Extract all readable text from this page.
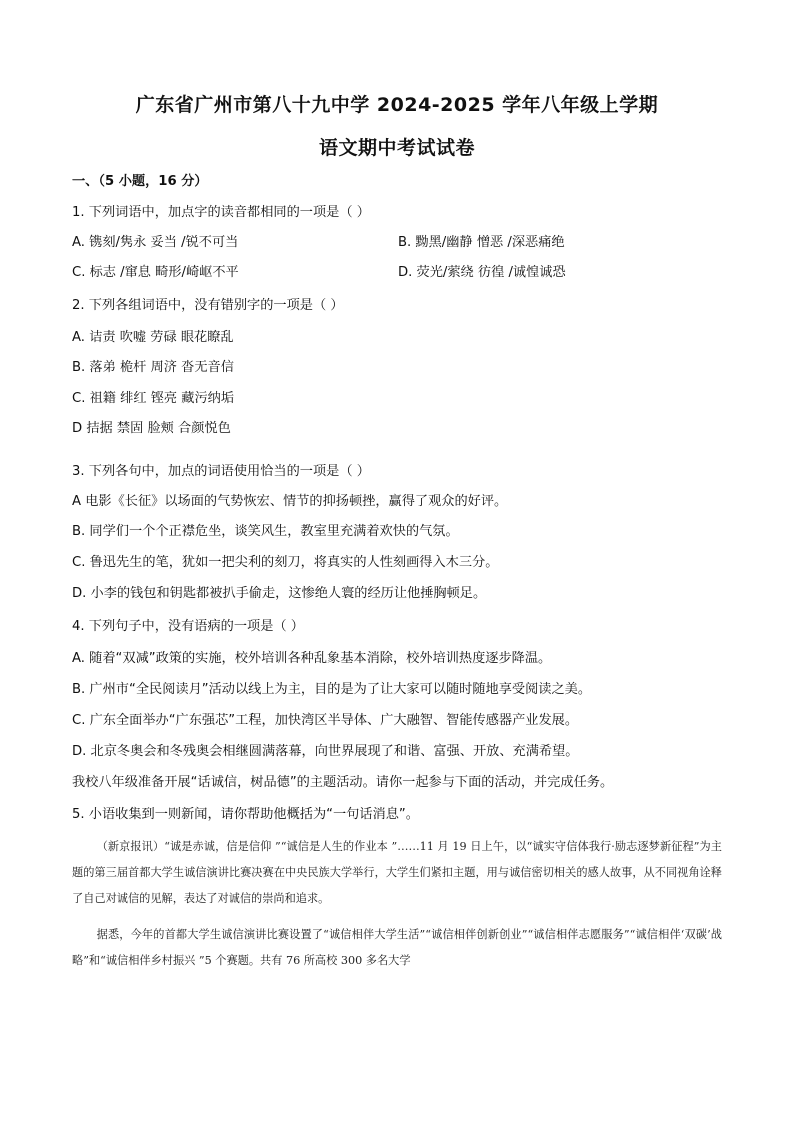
广东省广州市第八十九中学 2024-2025 学年八年级上学期
语文期中考试试卷
一、（5 小题，16 分）
1. 下列词语中，加点字的读音都相同的一项是（ ）
A. 镌刻/隽永 妥当 /锐不可当	B. 黝黑/幽静 憎恶 /深恶痛绝
C. 标志 /窜息 畸形/崎岖不平	D. 荧光/萦绕 彷徨 /诚惶诚恐
2. 下列各组词语中，没有错别字的一项是（ ）
A. 诘责 吹嘘 劳碌 眼花瞭乱
B. 落弟 桅杆 周济 沓无音信
C. 祖籍 绯红 铿亮 藏污纳垢
D 拮据 禁固 脸颊 合颜悦色
3. 下列各句中，加点的词语使用恰当的一项是（ ）
A 电影《长征》以场面的气势恢宏、情节的抑扬顿挫，赢得了观众的好评。
B. 同学们一个个正襟危坐，谈笑风生，教室里充满着欢快的气氛。
C. 鲁迅先生的笔，犹如一把尖利的刻刀，将真实的人性刻画得入木三分。
D. 小李的钱包和钥匙都被扒手偷走，这惨绝人寰的经历让他捶胸顿足。
4. 下列句子中，没有语病的一项是（ ）
A. 随着“双减”政策的实施，校外培训各种乱象基本消除，校外培训热度逐步降温。
B. 广州市“全民阅读月”活动以线上为主，目的是为了让大家可以随时随地享受阅读之美。
C. 广东全面举办“广东强芯”工程，加快湾区半导体、广大融智、智能传感器产业发展。
D. 北京冬奥会和冬残奥会相继圆满落幕，向世界展现了和谐、富强、开放、充满希望。
我校八年级准备开展“话诚信，树品德”的主题活动。请你一起参与下面的活动，并完成任务。
5. 小语收集到一则新闻，请你帮助他概括为“一句话消息”。

（新京报讯）“诚是赤诚，信是信仰 ”“诚信是人生的作业本 ”……11 月 19 日上午，以“诚实守信体我行·励志逐梦新征程”为主题的第三届首都大学生诚信演讲比赛决赛在中央民族大学举行，大学生们紧扣主题，用与诚信密切相关的感人故事，从不同视角诠释了自己对诚信的见解，表达了对诚信的崇尚和追求。

据悉，今年的首都大学生诚信演讲比赛设置了“诚信相伴大学生活”“诚信相伴创新创业”“诚信相伴志愿服务”“诚信相伴‘双碳’战略”和“诚信相伴乡村振兴 ”5 个赛题。共有 76 所高校 300 多名大学
